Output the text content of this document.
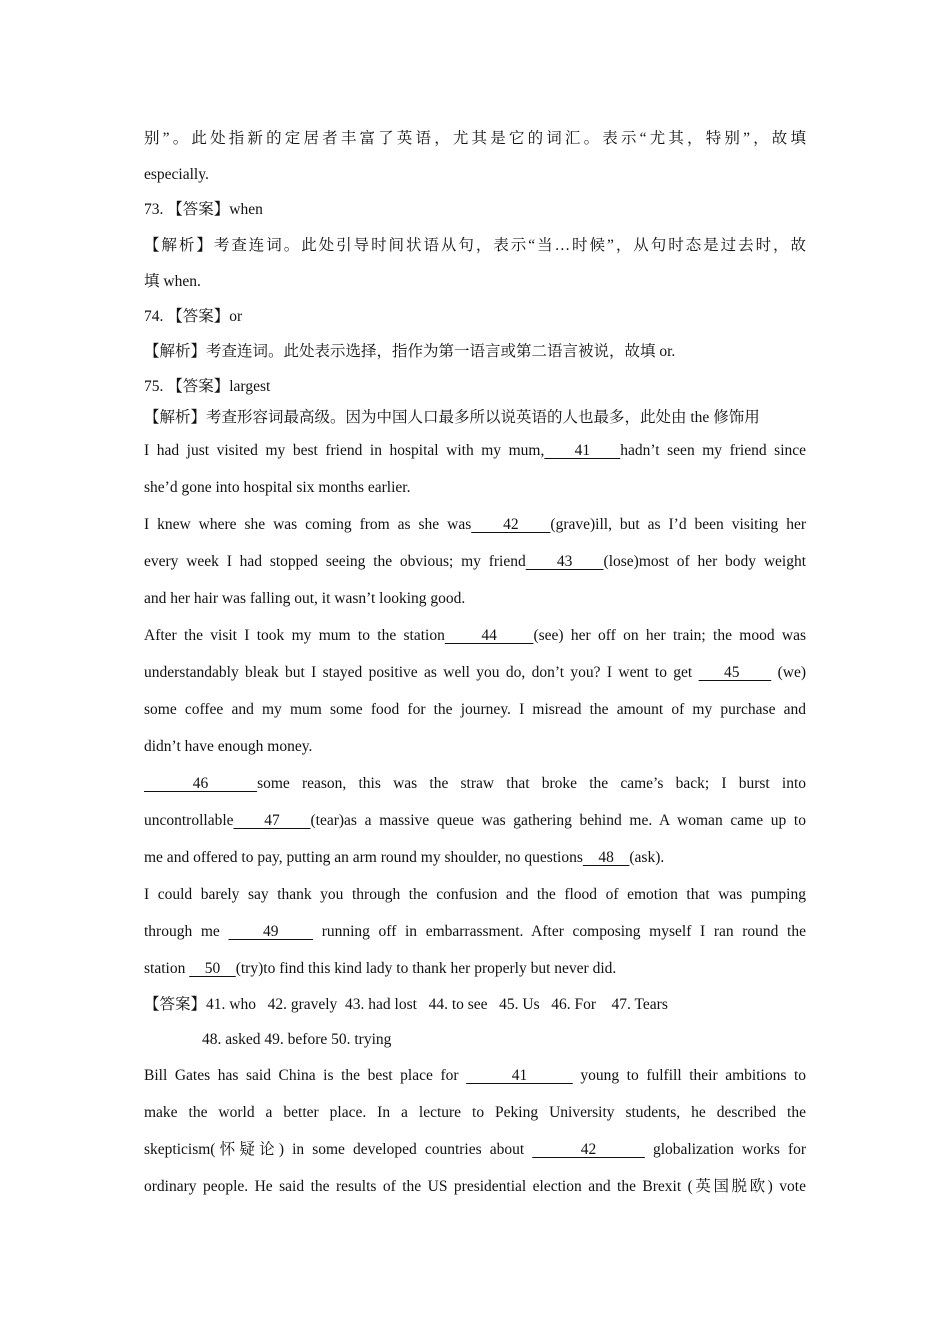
别”。此处指新的定居者丰富了英语，尤其是它的词汇。表示“尤其，特别”，故填
especially.
73. 【答案】when
【解析】考查连词。此处引导时间状语从句，表示“当…时候”，从句时态是过去时，故
填 when.
74. 【答案】or
【解析】考查连词。此处表示选择，指作为第一语言或第二语言被说，故填 or.
75. 【答案】largest
【解析】考查形容词最高级。因为中国人口最多所以说英语的人也最多，此处由 the 修饰用
I had just visited my best friend in hospital with my mum,    41    hadn’t seen my friend since
she’d gone into hospital six months earlier.
I knew where she was coming from as she was    42    (grave)ill, but as I’d been visiting her
every week I had stopped seeing the obvious; my friend    43    (lose)most of her body weight
and her hair was falling out, it wasn’t looking good.
After the visit I took my mum to the station     44     (see) her off on her train; the mood was
understandably bleak but I stayed positive as well you do, don’t you? I went to get     45      (we)
some coffee and my mum some food for the journey. I misread the amount of my purchase and
didn’t have enough money.
46    some reason, this was the straw that broke the came’s back; I burst into
uncontrollable    47    (tear)as a massive queue was gathering behind me. A woman came up to
me and offered to pay, putting an arm round my shoulder, no questions    48    (ask).
I could barely say thank you through the confusion and the flood of emotion that was pumping
through me     49     running off in embarrassment. After composing myself I ran round the
station     50    (try)to find this kind lady to thank her properly but never did.
【答案】41. who   42. gravely  43. had lost   44. to see   45. Us   46. For    47. Tears
48. asked 49. before 50. trying
Bill Gates has said China is the best place for       41       young to fulfill their ambitions to
make the world a better place. In a lecture to Peking University students, he described the
skepticism(怀疑论) in some developed countries about       42       globalization works for
ordinary people. He said the results of the US presidential election and the Brexit (英国脱欧) vote
